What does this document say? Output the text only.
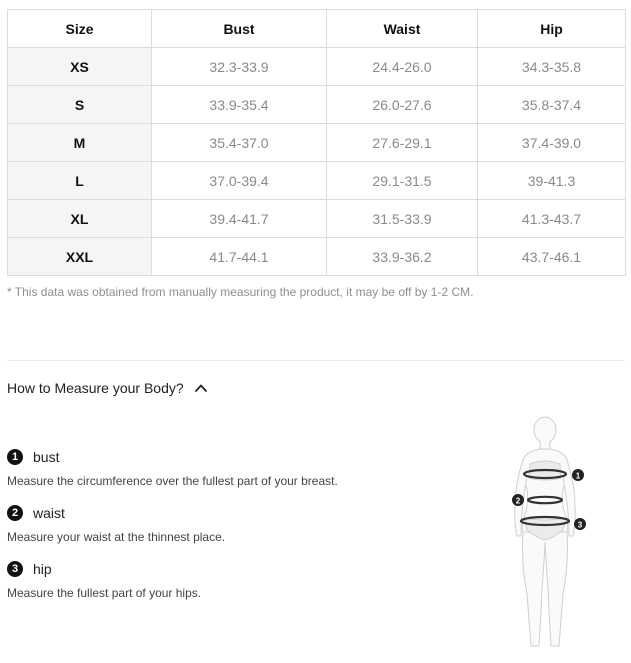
Size	Bust	Waist	Hip
XS	32.3-33.9	24.4-26.0	34.3-35.8
S	33.9-35.4	26.0-27.6	35.8-37.4
M	35.4-37.0	27.6-29.1	37.4-39.0
L	37.0-39.4	29.1-31.5	39-41.3
XL	39.4-41.7	31.5-33.9	41.3-43.7
XXL	41.7-44.1	33.9-36.2	43.7-46.1
* This data was obtained from manually measuring the product, it may be off by 1-2 CM.
How to Measure your Body?
1	bust
Measure the circumference over the fullest part of your breast.
2	waist
Measure your waist at the thinnest place.
3	hip
Measure the fullest part of your hips.
1
2
3
